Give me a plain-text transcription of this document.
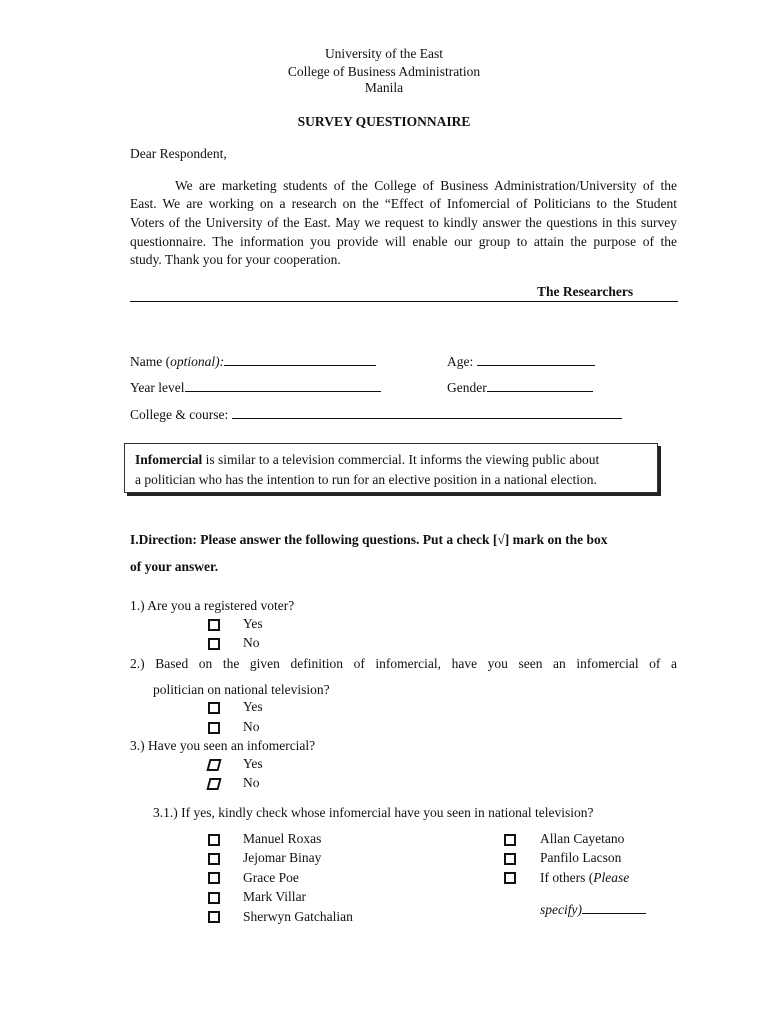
University of the East
College of Business Administration
Manila
SURVEY QUESTIONNAIRE
Dear Respondent,
We are marketing students of the College of Business Administration/University of the
East. We are working on a research on the “Effect of Infomercial of Politicians to the Student
Voters of the University of the East. May we request to kindly answer the questions in this survey
questionnaire. The information you provide will enable our group to attain the purpose of the
study. Thank you for your cooperation.
The Researchers
Name (optional):	Age:
Year level	Gender
College & course:
Infomercial is similar to a television commercial. It informs the viewing public about
a politician who has the intention to run for an elective position in a national election.
I.Direction: Please answer the following questions. Put a check [√] mark on the box
of your answer.
1.) Are you a registered voter?
Yes
No
2.) Based on the given definition of infomercial, have you seen an infomercial of a
politician on national television?
Yes
No
3.) Have you seen an infomercial?
Yes
No
3.1.) If yes, kindly check whose infomercial have you seen in national television?
Manuel Roxas
Jejomar Binay
Grace Poe
Mark Villar
Sherwyn Gatchalian
Allan Cayetano
Panfilo Lacson
If others (Please
specify)
